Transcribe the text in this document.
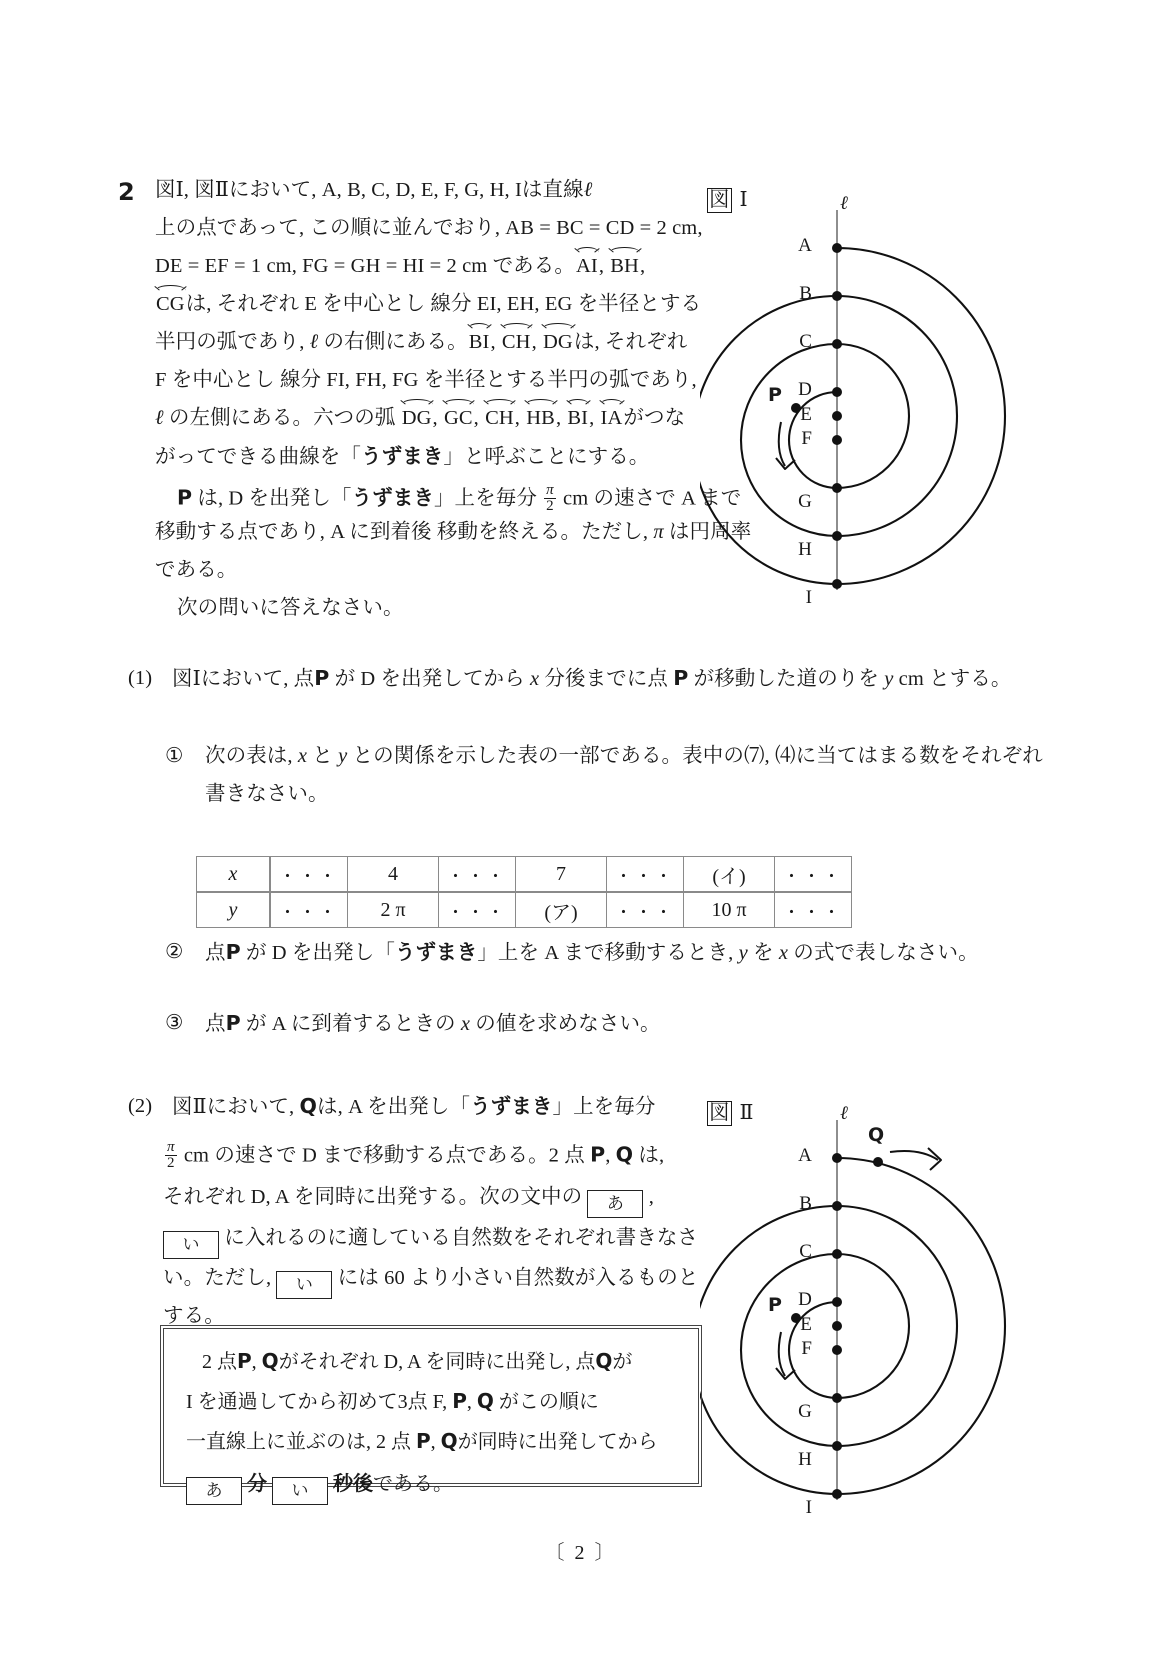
2 図Ⅰ, 図Ⅱにおいて, A, B, C, D, E, F, G, H, Iは直線ℓ
上の点であって, この順に並んでおり, AB = BC = CD = 2 cm,
DE = EF = 1 cm, FG = GH = HI = 2 cm である。
AI,
BH,
CGは, それぞれ E を中心とし 線分 EI, EH, EG を半径とする
半円の弧であり, ℓ の右側にある。
BI,
CH,
DGは, それぞれ
F を中心とし 線分 FI, FH, FG を半径とする半円の弧であり,
ℓ の左側にある。六つの弧
DG,
GC,
CH,
HB,
BI,
IAがつな
がってできる曲線を「うずまき」と呼ぶことにする。
P は, D を出発し「うずまき」上を毎分 $\frac{\pi}{2}$ cm の速さで A まで
移動する点であり, A に到着後 移動を終える。ただし, π は円周率
である。
次の問いに答えなさい。
図 Ⅰ
A
B
C
D
E
F
G
H
I
ℓ
P
(1) 図Ⅰにおいて, 点P が D を出発してから x 分後までに点 P が移動した道のりを y cm とする。
① 次の表は, x と y との関係を示した表の一部である。表中の⑺, ⑷に当てはまる数をそれぞれ
書きなさい。
② 点P が D を出発し「うずまき」上を A まで移動するとき, y を x の式で表しなさい。
③ 点P が A に到着するときの x の値を求めなさい。
x	・・・	4	・・・	7	・・・	(イ)	・・・
y	・・・	2 π	・・・	(ア)	・・・	10 π	・・・
(2) 図Ⅱにおいて, Qは, A を出発し「うずまき」上を毎分
$\frac{\pi}{2}$ cm の速さで D まで移動する点である。2 点 P, Q は,
それぞれ D, A を同時に出発する。次の文中の あ ,
い に入れるのに適している自然数をそれぞれ書きなさ
い。ただし, い には 60 より小さい自然数が入るものと
する。
図 Ⅱ
A
B
C
D
E
F
G
H
I
ℓ
P
Q
2 点P, Qがそれぞれ D, A を同時に出発し, 点Qが
I を通過してから初めて3点 F, P, Q がこの順に
一直線上に並ぶのは, 2 点 P, Qが同時に出発してから
あ 分 い 秒後である。
〔2〕
